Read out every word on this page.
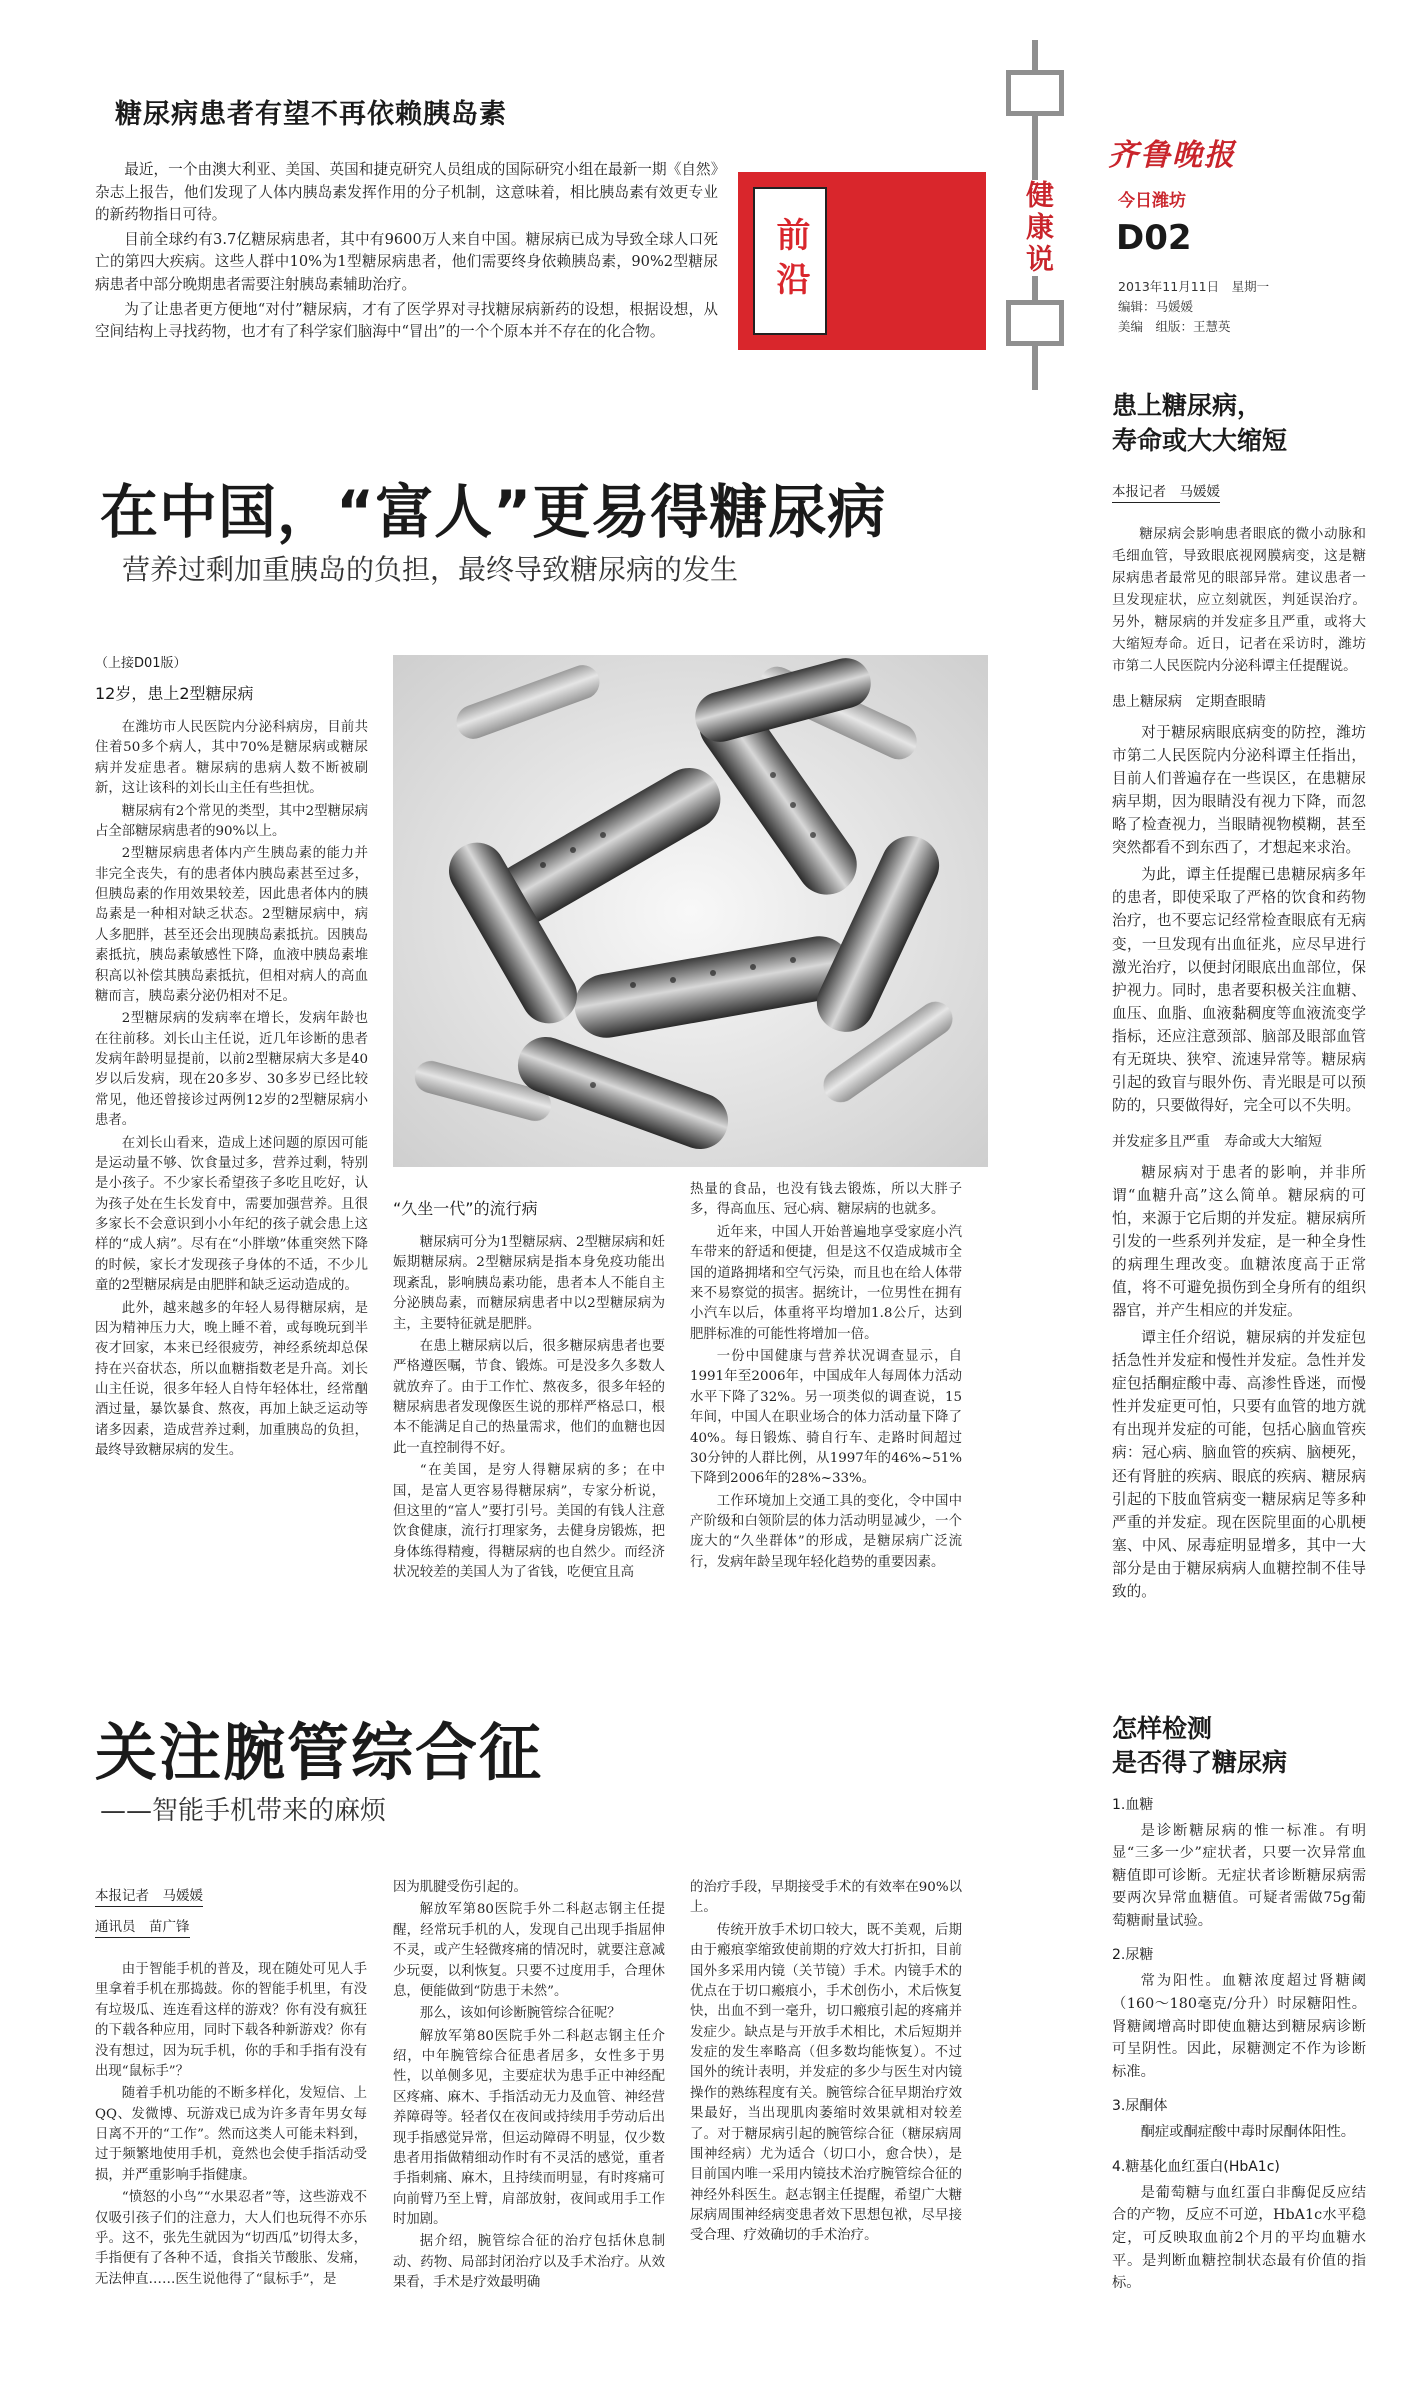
糖尿病患者有望不再依赖胰岛素

最近，一个由澳大利亚、美国、英国和捷克研究人员组成的国际研究小组在最新一期《自然》杂志上报告，他们发现了人体内胰岛素发挥作用的分子机制，这意味着，相比胰岛素有效更专业的新药物指日可待。

目前全球约有3.7亿糖尿病患者，其中有9600万人来自中国。糖尿病已成为导致全球人口死亡的第四大疾病。这些人群中10%为1型糖尿病患者，他们需要终身依赖胰岛素，90%2型糖尿病患者中部分晚期患者需要注射胰岛素辅助治疗。

为了让患者更方便地“对付”糖尿病，才有了医学界对寻找糖尿病新药的设想，根据设想，从空间结构上寻找药物，也才有了科学家们脑海中“冒出”的一个个原本并不存在的化合物。

前沿	健康说
齐鲁晚报
今日潍坊
D02
2013年11月11日　星期一
编辑：马媛媛
美编　组版：王慧英
在中国，“富人”更易得糖尿病
营养过剩加重胰岛的负担，最终导致糖尿病的发生
（上接D01版）
12岁，患上2型糖尿病

在潍坊市人民医院内分泌科病房，目前共住着50多个病人，其中70%是糖尿病或糖尿病并发症患者。糖尿病的患病人数不断被刷新，这让该科的刘长山主任有些担忧。

糖尿病有2个常见的类型，其中2型糖尿病占全部糖尿病患者的90%以上。

2型糖尿病患者体内产生胰岛素的能力并非完全丧失，有的患者体内胰岛素甚至过多，但胰岛素的作用效果较差，因此患者体内的胰岛素是一种相对缺乏状态。2型糖尿病中，病人多肥胖，甚至还会出现胰岛素抵抗。因胰岛素抵抗，胰岛素敏感性下降，血液中胰岛素堆积高以补偿其胰岛素抵抗，但相对病人的高血糖而言，胰岛素分泌仍相对不足。

2型糖尿病的发病率在增长，发病年龄也在往前移。刘长山主任说，近几年诊断的患者发病年龄明显提前，以前2型糖尿病大多是40岁以后发病，现在20多岁、30多岁已经比较常见，他还曾接诊过两例12岁的2型糖尿病小患者。

在刘长山看来，造成上述问题的原因可能是运动量不够、饮食量过多，营养过剩，特别是小孩子。不少家长希望孩子多吃且吃好，认为孩子处在生长发育中，需要加强营养。且很多家长不会意识到小小年纪的孩子就会患上这样的“成人病”。尽有在“小胖墩”体重突然下降的时候，家长才发现孩子身体的不适，不少儿童的2型糖尿病是由肥胖和缺乏运动造成的。

此外，越来越多的年轻人易得糖尿病，是因为精神压力大，晚上睡不着，或每晚玩到半夜才回家，本来已经很疲劳，神经系统却总保持在兴奋状态，所以血糖指数老是升高。刘长山主任说，很多年轻人自恃年轻体壮，经常酗酒过量，暴饮暴食、熬夜，再加上缺乏运动等诸多因素，造成营养过剩，加重胰岛的负担，最终导致糖尿病的发生。

“久坐一代”的流行病

糖尿病可分为1型糖尿病、2型糖尿病和妊娠期糖尿病。2型糖尿病是指本身免疫功能出现紊乱，影响胰岛素功能，患者本人不能自主分泌胰岛素，而糖尿病患者中以2型糖尿病为主，主要特征就是肥胖。

在患上糖尿病以后，很多糖尿病患者也要严格遵医嘱，节食、锻炼。可是没多久多数人就放弃了。由于工作忙、熬夜多，很多年轻的糖尿病患者发现像医生说的那样严格忌口，根本不能满足自己的热量需求，他们的血糖也因此一直控制得不好。

“在美国，是穷人得糖尿病的多；在中国，是富人更容易得糖尿病”，专家分析说，但这里的“富人”要打引号。美国的有钱人注意饮食健康，流行打理家务，去健身房锻炼，把身体练得精瘦，得糖尿病的也自然少。而经济状况较差的美国人为了省钱，吃便宜且高

热量的食品，也没有钱去锻炼，所以大胖子多，得高血压、冠心病、糖尿病的也就多。

近年来，中国人开始普遍地享受家庭小汽车带来的舒适和便捷，但是这不仅造成城市全国的道路拥堵和空气污染，而且也在给人体带来不易察觉的损害。据统计，一位男性在拥有小汽车以后，体重将平均增加1.8公斤，达到肥胖标准的可能性将增加一倍。

一份中国健康与营养状况调查显示，自1991年至2006年，中国成年人每周体力活动水平下降了32%。另一项类似的调查说，15年间，中国人在职业场合的体力活动量下降了40%。每日锻炼、骑自行车、走路时间超过30分钟的人群比例，从1997年的46%~51%下降到2006年的28%~33%。

工作环境加上交通工具的变化，令中国中产阶级和白领阶层的体力活动明显减少，一个庞大的“久坐群体”的形成，是糖尿病广泛流行，发病年龄呈现年轻化趋势的重要因素。

关注腕管综合征
——智能手机带来的麻烦
本报记者　马媛媛
通讯员　苗广锋

由于智能手机的普及，现在随处可见人手里拿着手机在那捣鼓。你的智能手机里，有没有垃圾瓜、连连看这样的游戏？你有没有疯狂的下载各种应用，同时下载各种新游戏？你有没有想过，因为玩手机，你的手和手指有没有出现“鼠标手”？

随着手机功能的不断多样化，发短信、上QQ、发微博、玩游戏已成为许多青年男女每日离不开的“工作”。然而这类人可能未料到，过于频繁地使用手机，竟然也会使手指活动受损，并严重影响手指健康。

“愤怒的小鸟”“水果忍者”等，这些游戏不仅吸引孩子们的注意力，大人们也玩得不亦乐乎。这不，张先生就因为“切西瓜”切得太多，手指便有了各种不适，食指关节酸胀、发痛，无法伸直……医生说他得了“鼠标手”，是

因为肌腱受伤引起的。

解放军第80医院手外二科赵志钢主任提醒，经常玩手机的人，发现自己出现手指屈伸不灵，或产生轻微疼痛的情况时，就要注意减少玩耍，以利恢复。只要不过度用手，合理休息，便能做到“防患于未然”。

那么，该如何诊断腕管综合征呢？

解放军第80医院手外二科赵志钢主任介绍，中年腕管综合征患者居多，女性多于男性，以单侧多见，主要症状为患手正中神经配区疼痛、麻木、手指活动无力及血管、神经营养障碍等。轻者仅在夜间或持续用手劳动后出现手指感觉异常，但运动障碍不明显，仅少数患者用指做精细动作时有不灵活的感觉，重者手指刺痛、麻木，且持续而明显，有时疼痛可向前臂乃至上臂，肩部放射，夜间或用手工作时加剧。

据介绍，腕管综合征的治疗包括休息制动、药物、局部封闭治疗以及手术治疗。从效果看，手术是疗效最明确

的治疗手段，早期接受手术的有效率在90%以上。

传统开放手术切口较大，既不美观，后期由于瘢痕挛缩致使前期的疗效大打折扣，目前国外多采用内镜（关节镜）手术。内镜手术的优点在于切口瘢痕小，手术创伤小，术后恢复快，出血不到一毫升，切口瘢痕引起的疼痛并发症少。缺点是与开放手术相比，术后短期并发症的发生率略高（但多数均能恢复）。不过国外的统计表明，并发症的多少与医生对内镜操作的熟练程度有关。腕管综合征早期治疗效果最好，当出现肌肉萎缩时效果就相对较差了。对于糖尿病引起的腕管综合征（糖尿病周围神经病）尤为适合（切口小，愈合快），是目前国内唯一采用内镜技术治疗腕管综合征的神经外科医生。赵志钢主任提醒，希望广大糖尿病周围神经病变患者效下思想包袱，尽早接受合理、疗效确切的手术治疗。

患上糖尿病，
寿命或大大缩短
本报记者　马媛媛

糖尿病会影响患者眼底的微小动脉和毛细血管，导致眼底视网膜病变，这是糖尿病患者最常见的眼部异常。建议患者一旦发现症状，应立刻就医，判延误治疗。另外，糖尿病的并发症多且严重，或将大大缩短寿命。近日，记者在采访时，潍坊市第二人民医院内分泌科谭主任提醒说。

患上糖尿病　定期查眼睛

对于糖尿病眼底病变的防控，潍坊市第二人民医院内分泌科谭主任指出，目前人们普遍存在一些误区，在患糖尿病早期，因为眼睛没有视力下降，而忽略了检查视力，当眼睛视物模糊，甚至突然都看不到东西了，才想起来求治。

为此，谭主任提醒已患糖尿病多年的患者，即使采取了严格的饮食和药物治疗，也不要忘记经常检查眼底有无病变，一旦发现有出血征兆，应尽早进行激光治疗，以便封闭眼底出血部位，保护视力。同时，患者要积极关注血糖、血压、血脂、血液黏稠度等血液流变学指标，还应注意颈部、脑部及眼部血管有无斑块、狭窄、流速异常等。糖尿病引起的致盲与眼外伤、青光眼是可以预防的，只要做得好，完全可以不失明。

并发症多且严重　寿命或大大缩短

糖尿病对于患者的影响，并非所谓“血糖升高”这么简单。糖尿病的可怕，来源于它后期的并发症。糖尿病所引发的一些系列并发症，是一种全身性的病理生理改变。血糖浓度高于正常值，将不可避免损伤到全身所有的组织器官，并产生相应的并发症。

谭主任介绍说，糖尿病的并发症包括急性并发症和慢性并发症。急性并发症包括酮症酸中毒、高渗性昏迷，而慢性并发症更可怕，只要有血管的地方就有出现并发症的可能，包括心脑血管疾病：冠心病、脑血管的疾病、脑梗死，还有肾脏的疾病、眼底的疾病、糖尿病引起的下肢血管病变一糖尿病足等多种严重的并发症。现在医院里面的心肌梗塞、中风、尿毒症明显增多，其中一大部分是由于糖尿病病人血糖控制不佳导致的。

怎样检测
是否得了糖尿病
1.血糖

是诊断糖尿病的惟一标准。有明显“三多一少”症状者，只要一次异常血糖值即可诊断。无症状者诊断糖尿病需要两次异常血糖值。可疑者需做75g葡萄糖耐量试验。

2.尿糖

常为阳性。血糖浓度超过肾糖阈（160～180毫克/分升）时尿糖阳性。肾糖阈增高时即使血糖达到糖尿病诊断可呈阴性。因此，尿糖测定不作为诊断标准。

3.尿酮体

酮症或酮症酸中毒时尿酮体阳性。

4.糖基化血红蛋白(HbA1c)

是葡萄糖与血红蛋白非酶促反应结合的产物，反应不可逆，HbA1c水平稳定，可反映取血前2个月的平均血糖水平。是判断血糖控制状态最有价值的指标。
